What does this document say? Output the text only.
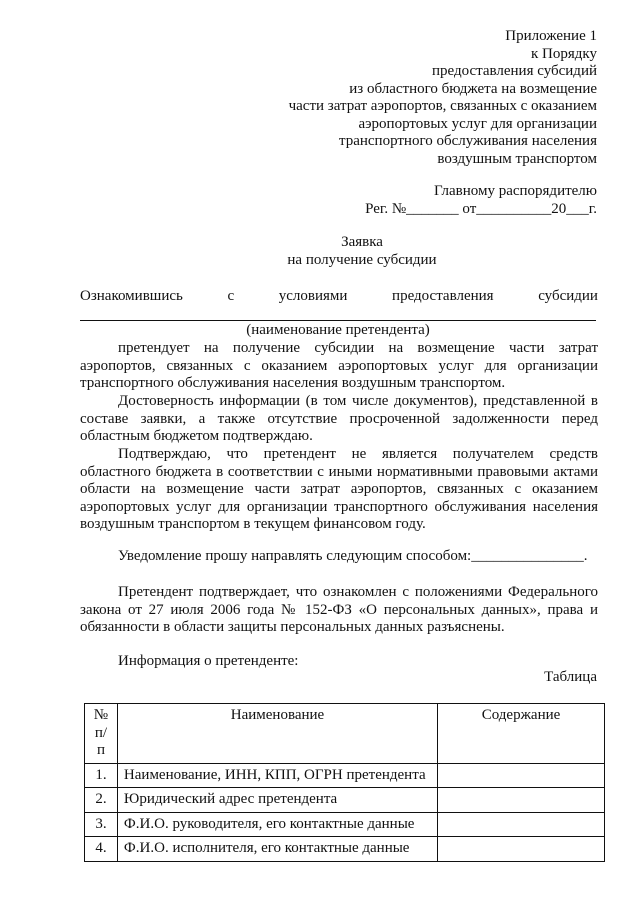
Приложение 1
к Порядку
предоставления субсидий
из областного бюджета на возмещение
части затрат аэропортов, связанных с оказанием
аэропортовых услуг для организации
транспортного обслуживания населения
воздушным транспортом
Главному распорядителю
Рег. №_______ от__________20___г.
Заявка
на получение субсидии
Ознакомившись	с	условиями	предоставления	субсидии
(наименование претендента)
претендует на получение субсидии на возмещение части затрат аэропортов, связанных с оказанием аэропортовых услуг для организации транспортного обслуживания населения воздушным транспортом.
Достоверность информации (в том числе документов), представленной в составе заявки, а также отсутствие просроченной задолженности перед областным бюджетом подтверждаю.
Подтверждаю, что претендент не является получателем средств областного бюджета в соответствии с иными нормативными правовыми актами области на возмещение части затрат аэропортов, связанных с оказанием аэропортовых услуг для организации транспортного обслуживания населения воздушным транспортом в текущем финансовом году.
Уведомление прошу направлять следующим способом:_______________.
Претендент подтверждает, что ознакомлен с положениями Федерального закона от 27 июля 2006 года № 152-ФЗ «О персональных данных», права и обязанности в области защиты персональных данных разъяснены.
Информация о претенденте:
Таблица
№ п/п	Наименование	Содержание
1.	Наименование, ИНН, КПП, ОГРН претендента	
2.	Юридический адрес претендента	
3.	Ф.И.О. руководителя, его контактные данные	
4.	Ф.И.О. исполнителя, его контактные данные	
